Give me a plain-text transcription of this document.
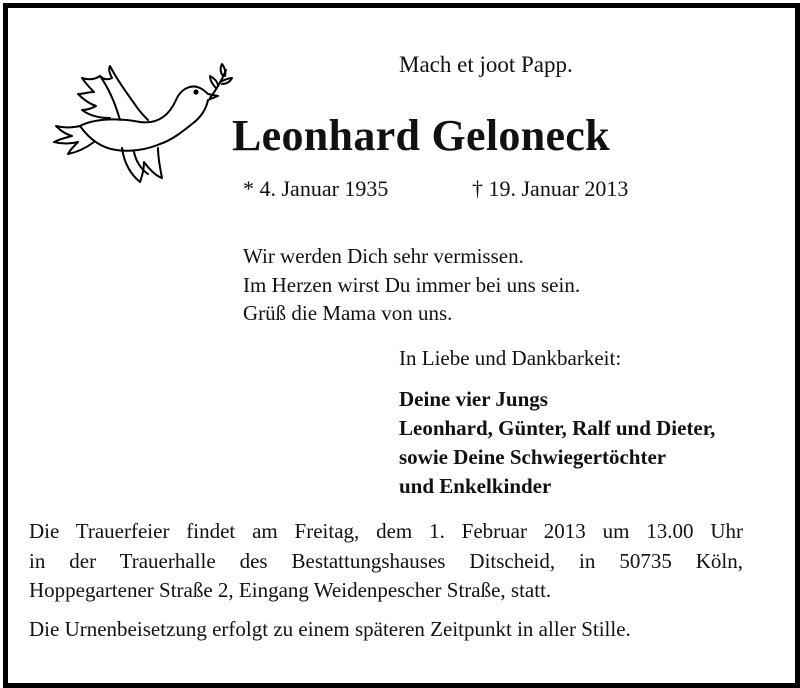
Mach et joot Papp.
Leonhard Geloneck
* 4. Januar 1935	† 19. Januar 2013
Wir werden Dich sehr vermissen.
Im Herzen wirst Du immer bei uns sein.
Grüß die Mama von uns.
In Liebe und Dankbarkeit:
Deine vier Jungs
Leonhard, Günter, Ralf und Dieter,
sowie Deine Schwiegertöchter
und Enkelkinder
Die Trauerfeier findet am Freitag, dem 1. Februar 2013 um 13.00 Uhr
in der Trauerhalle des Bestattungshauses Ditscheid, in 50735 Köln,
Hoppegartener Straße 2, Eingang Weidenpescher Straße, statt.
Die Urnenbeisetzung erfolgt zu einem späteren Zeitpunkt in aller Stille.
